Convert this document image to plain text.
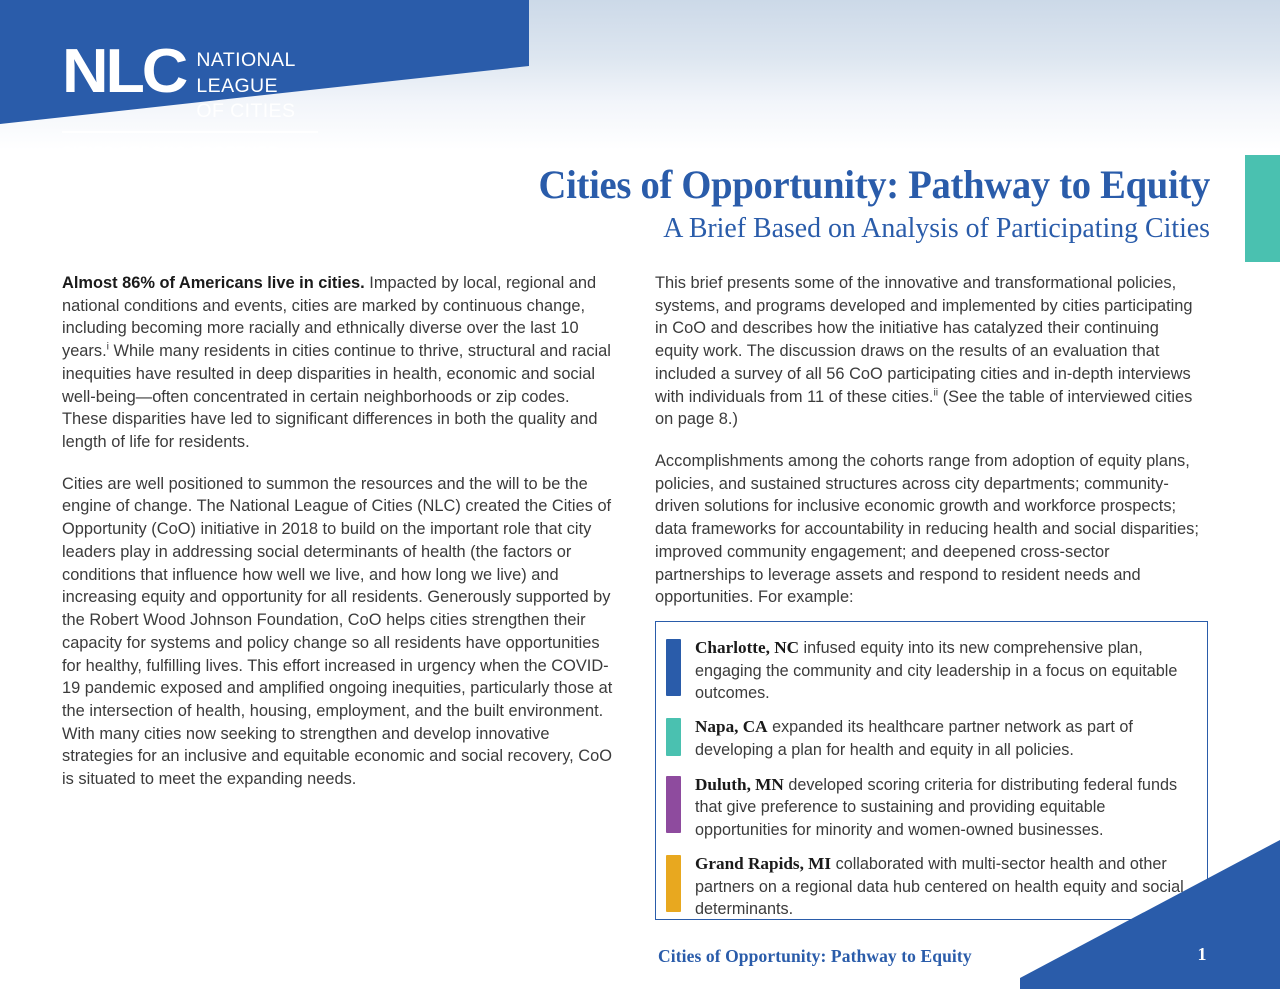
NLC NATIONAL
LEAGUE
OF CITIES
CITIES STRONG TOGETHER
Cities of Opportunity: Pathway to Equity
A Brief Based on Analysis of Participating Cities

Almost 86% of Americans live in cities. Impacted by local, regional and national conditions and events, cities are marked by continuous change, including becoming more racially and ethnically diverse over the last 10 years.$^i$ While many residents in cities continue to thrive, structural and racial inequities have resulted in deep disparities in health, economic and social well-being—often concentrated in certain neighborhoods or zip codes. These disparities have led to significant differences in both the quality and length of life for residents.

Cities are well positioned to summon the resources and the will to be the engine of change. The National League of Cities (NLC) created the Cities of Opportunity (CoO) initiative in 2018 to build on the important role that city leaders play in addressing social determinants of health (the factors or conditions that influence how well we live, and how long we live) and increasing equity and opportunity for all residents. Generously supported by the Robert Wood Johnson Foundation, CoO helps cities strengthen their capacity for systems and policy change so all residents have opportunities for healthy, fulfilling lives. This effort increased in urgency when the COVID-19 pandemic exposed and amplified ongoing inequities, particularly those at the intersection of health, housing, employment, and the built environment. With many cities now seeking to strengthen and develop innovative strategies for an inclusive and equitable economic and social recovery, CoO is situated to meet the expanding needs.

This brief presents some of the innovative and transformational policies, systems, and programs developed and implemented by cities participating in CoO and describes how the initiative has catalyzed their continuing equity work. The discussion draws on the results of an evaluation that included a survey of all 56 CoO participating cities and in-depth interviews with individuals from 11 of these cities.$^{ii}$ (See the table of interviewed cities on page 8.)

Accomplishments among the cohorts range from adoption of equity plans, policies, and sustained structures across city departments; community-driven solutions for inclusive economic growth and workforce prospects; data frameworks for accountability in reducing health and social disparities; improved community engagement; and deepened cross-sector partnerships to leverage assets and respond to resident needs and opportunities. For example:

Charlotte, NC infused equity into its new comprehensive plan, engaging the community and city leadership in a focus on equitable outcomes.
Napa, CA expanded its healthcare partner network as part of developing a plan for health and equity in all policies.
Duluth, MN developed scoring criteria for distributing federal funds that give preference to sustaining and providing equitable opportunities for minority and women-owned businesses.
Grand Rapids, MI collaborated with multi-sector health and other partners on a regional data hub centered on health equity and social determinants.
Cities of Opportunity: Pathway to Equity	1
